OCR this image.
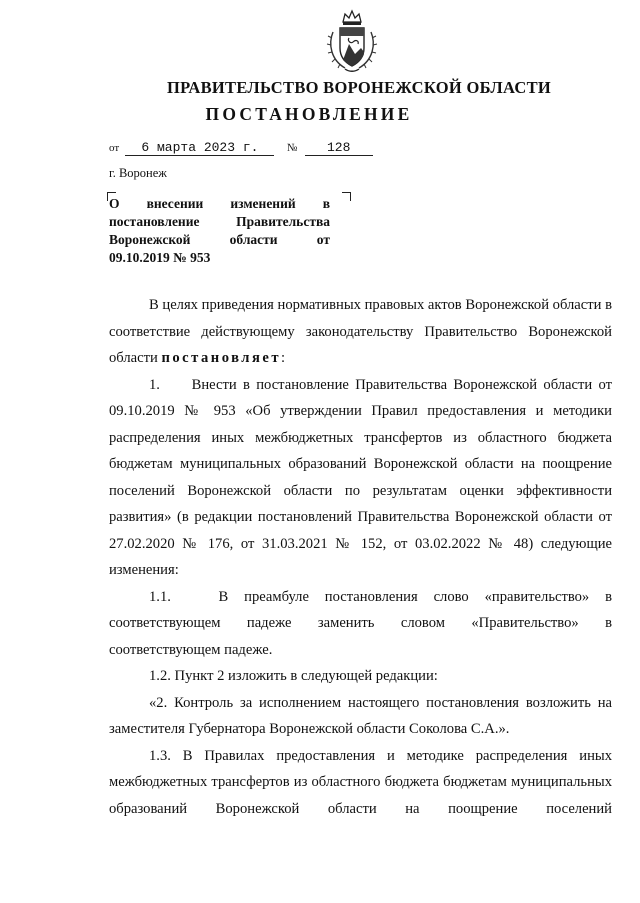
ПРАВИТЕЛЬСТВО ВОРОНЕЖСКОЙ ОБЛАСТИ
ПОСТАНОВЛЕНИЕ
от 6 марта 2023 г.	№ 128
г. Воронеж
О внесении изменений в
постановление Правительства
Воронежской области от

09.10.2019 № 953

В целях приведения нормативных правовых актов Воронежской области в соответствие действующему законодательству Правительство Воронежской области постановляет:

1.     Внести в постановление Правительства Воронежской области от 09.10.2019 № 953 «Об утверждении Правил предоставления и методики распределения иных межбюджетных трансфертов из областного бюджета бюджетам муниципальных образований Воронежской области на поощрение поселений Воронежской области по результатам оценки эффективности развития» (в редакции постановлений Правительства Воронежской области от 27.02.2020 № 176, от 31.03.2021 № 152, от 03.02.2022 № 48) следующие изменения:

1.1.   В преамбуле постановления слово «правительство» в соответствующем падеже заменить словом «Правительство» в соответствующем падеже.

1.2. Пункт 2 изложить в следующей редакции:

«2. Контроль за исполнением настоящего постановления возложить на заместителя Губернатора Воронежской области Соколова С.А.».

1.3. В Правилах предоставления и методике распределения иных межбюджетных трансфертов из областного бюджета бюджетам муниципальных образований Воронежской области на поощрение поселений
